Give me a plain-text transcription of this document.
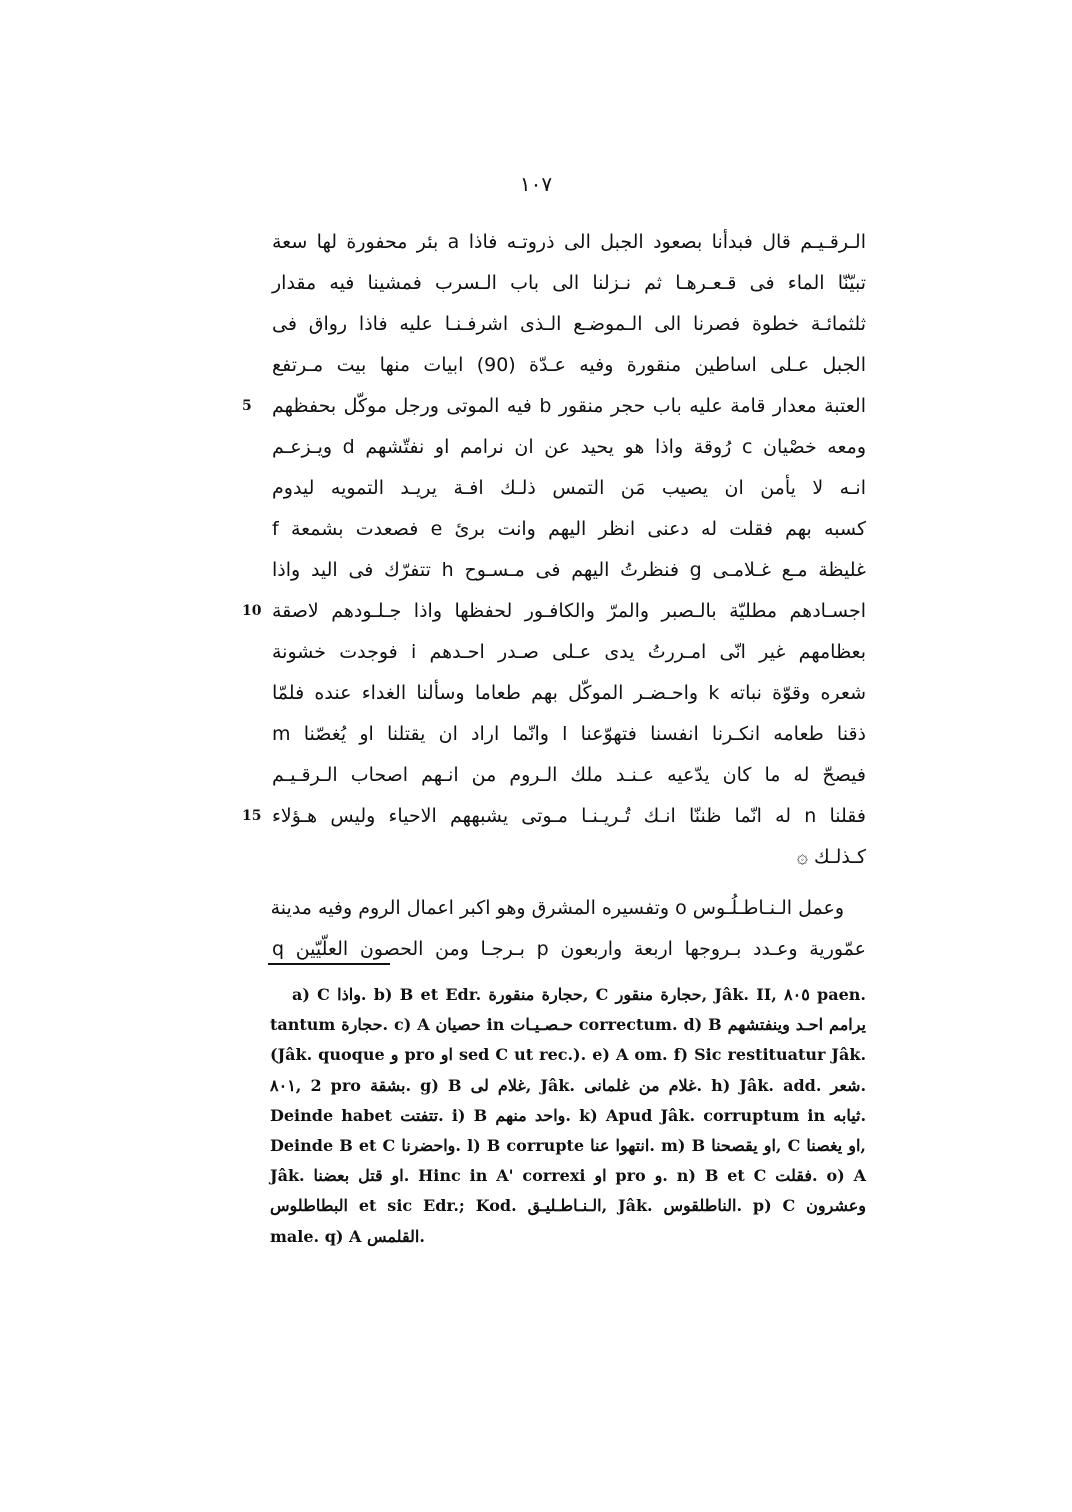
١٠٧
الـرقـيـم قال فبدأنا بصعود الجبل الى ذروتـه فاذا a بئر محفورة لها سعة
تبيّنّا الماء فى قـعـرهـا ثم نـزلنا الى باب الـسرب فمشينا فيه مقدار
ثلثمائـة خطوة فصرنا الى الـموضـع الـذى اشرفـنـا عليه فاذا رواق فى
الجبل عـلى اساطين منقورة وفيه عـدّة (90) ابيات منها بيت مـرتفع
العتبة معدار قامة عليه باب حجر منقور b فيه الموتى ورجل موكّل بحفظهم
5
ومعه خصْيان c رُوقة واذا هو يحيد عن ان نرامم او نفتّشهم d ويـزعـم
انـه لا يأمن ان يصيب مَن التمس ذلـك افـة يريـد التمويه ليدوم
كسبه بهم فقلت له دعنى انظر اليهم وانت برئ e فصعدت بشمعة f
غليظة مـع غـلامـى g فنظرتُ اليهم فى مـسـوح h تتفرّك فى اليد واذا
اجسـادهم مطليّة بالـصبر والمرّ والكافـور لحفظها واذا جـلـودهم لاصقة
10
بعظامهم غير انّى امـررتُ يدى عـلى صـدر احـدهم i فوجدت خشونة
شعره وقوّة نباته k واحـضـر الموكّل بهم طعاما وسألنا الغداء عنده فلمّا
ذقنا طعامه انكـرنا انفسنا فتهوّعنا l وانّما اراد ان يقتلنا او يُغصّنا m
فيصحّ له ما كان يدّعيه عـنـد ملك الـروم من انـهم اصحاب الـرقـيـم
فقلنا n له انّما ظننّا انـك تُـريـنـا مـوتى يشبههم الاحياء وليس هـؤلاء
15
كـذلـك ۞
وعمل الـنـاطـلُـوس o وتفسيره المشرق وهو اكبر اعمال الروم وفيه مدينة
عمّورية وعـدد بـروجها اربعة واربعون p بـرجـا ومن الحصون العلّيّين q

a) C واذا. b) B et Edr. حجارة منقورة, C حجارة منقور, Jâk. II, ٨٠٥ paen. tantum حجارة. c) A حصيان in حـصـيـات correctum. d) B يرامم احـد وينفتشهم (Jâk. quoque و pro او sed C ut rec.). e) A om. f) Sic restituatur Jâk. ٨٠١, 2 pro بشقة. g) B غلام لى, Jâk. غلام من غلمانى. h) Jâk. add. شعر. Deinde habet تتفتت. i) B واحد منهم. k) Apud Jâk. corruptum in ثيابه. Deinde B et C واحضرنا. l) B corrupte انتهوا عنا. m) B او يقصحنا, C او يغصنا, Jâk. او قتل بعضنا. Hinc in A' correxi او pro و. n) B et C فقلت. o) A البطاطلوس et sic Edr.; Kod. الـنـاطـليـق, Jâk. الناطلقوس. p) C وعشرون male. q) A القلمس.
